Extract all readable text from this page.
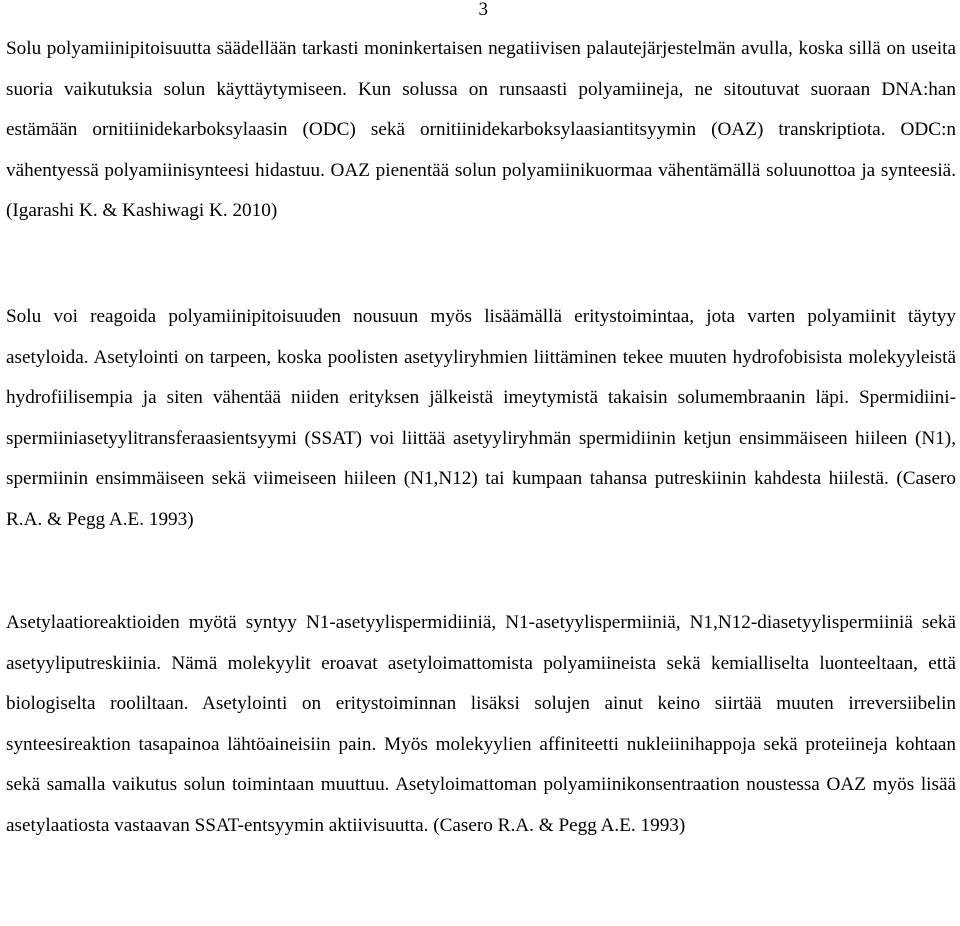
3

Solu polyamiinipitoisuutta säädellään tarkasti moninkertaisen negatiivisen palautejärjestelmän avulla, koska sillä on useita suoria vaikutuksia solun käyttäytymiseen. Kun solussa on runsaasti polyamiineja, ne sitoutuvat suoraan DNA:han estämään ornitiinidekarboksylaasin (ODC) sekä ornitiinidekarboksylaasiantitsyymin (OAZ) transkriptiota. ODC:n vähentyessä polyamiinisynteesi hidastuu. OAZ pienentää solun polyamiinikuormaa vähentämällä soluunottoa ja synteesiä. (Igarashi K. & Kashiwagi K. 2010)

Solu voi reagoida polyamiinipitoisuuden nousuun myös lisäämällä eritystoimintaa, jota varten polyamiinit täytyy asetyloida. Asetylointi on tarpeen, koska poolisten asetyyliryhmien liittäminen tekee muuten hydrofobisista molekyyleistä hydrofiilisempia ja siten vähentää niiden erityksen jälkeistä imeytymistä takaisin solumembraanin läpi. Spermidiini-spermiiniasetyylitransferaasientsyymi (SSAT) voi liittää asetyyliryhmän spermidiinin ketjun ensimmäiseen hiileen (N1), spermiinin ensimmäiseen sekä viimeiseen hiileen (N1,N12) tai kumpaan tahansa putreskiinin kahdesta hiilestä. (Casero R.A. & Pegg A.E. 1993)

Asetylaatioreaktioiden myötä syntyy N1-asetyylispermidiiniä, N1-asetyylispermiiniä, N1,N12-diasetyylispermiiniä sekä asetyyliputreskiinia. Nämä molekyylit eroavat asetyloimattomista polyamiineista sekä kemialliselta luonteeltaan, että biologiselta rooliltaan. Asetylointi on eritystoiminnan lisäksi solujen ainut keino siirtää muuten irreversiibelin synteesireaktion tasapainoa lähtöaineisiin pain. Myös molekyylien affiniteetti nukleiinihappoja sekä proteiineja kohtaan sekä samalla vaikutus solun toimintaan muuttuu. Asetyloimattoman polyamiinikonsentraation noustessa OAZ myös lisää asetylaatiosta vastaavan SSAT-entsyymin aktiivisuutta. (Casero R.A. & Pegg A.E. 1993)
